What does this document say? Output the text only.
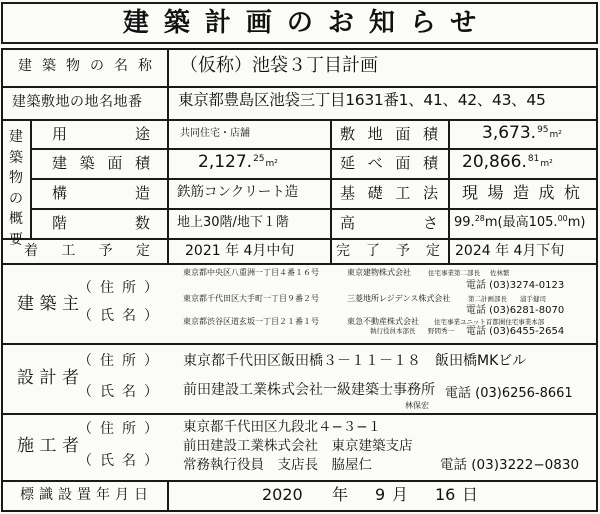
建築計画のお知らせ
建築物の名称 （仮称）池袋３丁目計画
建築敷地の地名地番 東京都豊島区池袋三丁目1631番1、41、42、43、45
建築物の概要
用途	共同住宅・店舗	敷地面積	3,673.95m²
建築面積	2,127.25m²	延べ面積 20,866.81m²
構造 鉄筋コンクリート造	基礎工法 現場造成杭
階数 地上30階/地下１階	高さ 99.28m(最高105.00m)
着工予定	2021 年 4月中旬	完了予定 2024 年 4月下旬
建築主
（住所）
（氏名）
東京都中央区八重洲一丁目４番１６号	東京建物株式会社	住宅事業第二部長 佐林繁
電話 (03)3274-0123
東京都千代田区大手町一丁目９番２号	三菱地所レジデンス株式会社	第二計画部長 浦手健司
電話 (03)6281-8070
東京都渋谷区道玄坂一丁目２１番１号	東急不動産株式会社 住宅事業ユニット首都圏住宅事業本部
執行役員本部長 野間秀一 電話 (03)6455-2654
設計者
（住所）
（氏名）
東京都千代田区飯田橋３－１１－１８　飯田橋MKビル
前田建設工業株式会社一級建築士事務所
林保宏
電話 (03)6256-8661
施工者
（住所）
（氏名）
東京都千代田区九段北４−３−１
前田建設工業株式会社　東京建築支店
常務執行役員　支店長　脇屋仁	電話 (03)3222−0830
標識設置年月日	2020 年 9 月 16 日
